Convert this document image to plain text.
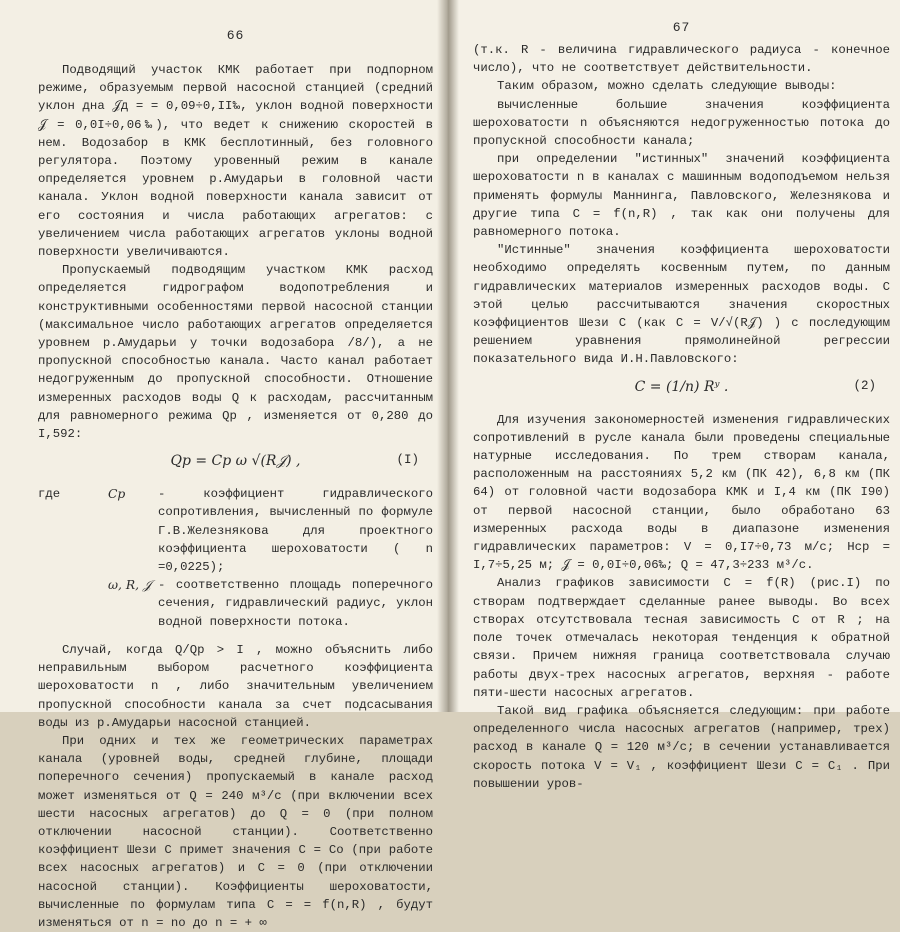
66

Подводящий участок КМК работает при подпорном режиме, образуемым первой насосной станцией (средний уклон дна 𝒥д = = 0,09÷0,II‰, уклон водной поверхности 𝒥 = 0,0I÷0,06‰), что ведет к снижению скоростей в нем. Водозабор в КМК бесплотинный, без головного регулятора. Поэтому уровенный режим в канале определяется уровнем р.Амударьи в головной части канала. Уклон водной поверхности канала зависит от его состояния и числа работающих агрегатов: с увеличением числа работающих агрегатов уклоны водной поверхности увеличиваются.

Пропускаемый подводящим участком КМК расход определяется гидрографом водопотребления и конструктивными особенностями первой насосной станции (максимальное число работающих агрегатов определяется уровнем р.Амударьи у точки водозабора /8/), а не пропускной способностью канала. Часто канал работает недогруженным до пропускной способности. Отношение измеренных расходов воды Q к расходам, рассчитанным для равномерного режима Qр , изменяется от 0,280 до I,592:

Qр = Cр ω √(R𝒥) ,	(I)
где	Cр	- коэффициент гидравлического сопротивления, вычисленный по формуле Г.В.Железнякова для проектного коэффициента шероховатости ( n =0,0225);
ω, R, 𝒥 - соответственно площадь поперечного сечения, гидравлический радиус, уклон водной поверхности потока.

Случай, когда Q/Qр > I , можно объяснить либо неправильным выбором расчетного коэффициента шероховатости n , либо значительным увеличением пропускной способности канала за счет подсасывания воды из р.Амударьи насосной станцией.

При одних и тех же геометрических параметрах канала (уровней воды, средней глубине, площади поперечного сечения) пропускаемый в канале расход может изменяться от Q = 240 м³/с (при включении всех шести насосных агрегатов) до Q = 0 (при полном отключении насосной станции). Соответственно коэффициент Шези C примет значения C = Cо (при работе всех насосных агрегатов) и C = 0 (при отключении насосной станции). Коэффициенты шероховатости, вычисленные по формулам типа C = = f(n,R) , будут изменяться от n = nо до n = + ∞

67

(т.к. R - величина гидравлического радиуса - конечное число), что не соответствует действительности.

Таким образом, можно сделать следующие выводы:

вычисленные большие значения коэффициента шероховатости n объясняются недогруженностью потока до пропускной способности канала;

при определении "истинных" значений коэффициента шероховатости n в каналах с машинным водоподъемом нельзя применять формулы Маннинга, Павловского, Железнякова и другие типа C = f(n,R) , так как они получены для равномерного потока.

"Истинные" значения коэффициента шероховатости необходимо определять косвенным путем, по данным гидравлических материалов измеренных расходов воды. С этой целью рассчитываются значения скоростных коэффициентов Шези C (как C = V/√(R𝒥) ) с последующим решением уравнения прямолинейной регрессии показательного вида И.Н.Павловского:

C = (1/n) Rʸ .	(2)

Для изучения закономерностей изменения гидравлических сопротивлений в русле канала были проведены специальные натурные исследования. По трем створам канала, расположенным на расстояниях 5,2 км (ПК 42), 6,8 км (ПК 64) от головной части водозабора КМК и I,4 км (ПК I90) от первой насосной станции, было обработано 63 измеренных расхода воды в диапазоне изменения гидравлических параметров: V = 0,I7÷0,73 м/с; Hср = I,7÷5,25 м; 𝒥 = 0,0I÷0,06‰; Q = 47,3÷233 м³/с.

Анализ графиков зависимости C = f(R) (рис.I) по створам подтверждает сделанные ранее выводы. Во всех створах отсутствовала тесная зависимость C от R ; на поле точек отмечалась некоторая тенденция к обратной связи. Причем нижняя граница соответствовала случаю работы двух-трех насосных агрегатов, верхняя - работе пяти-шести насосных агрегатов.

Такой вид графика объясняется следующим: при работе определенного числа насосных агрегатов (например, трех) расход в канале Q = 120 м³/с; в сечении устанавливается скорость потока V = V₁ , коэффициент Шези C = C₁ . При повышении уров-
